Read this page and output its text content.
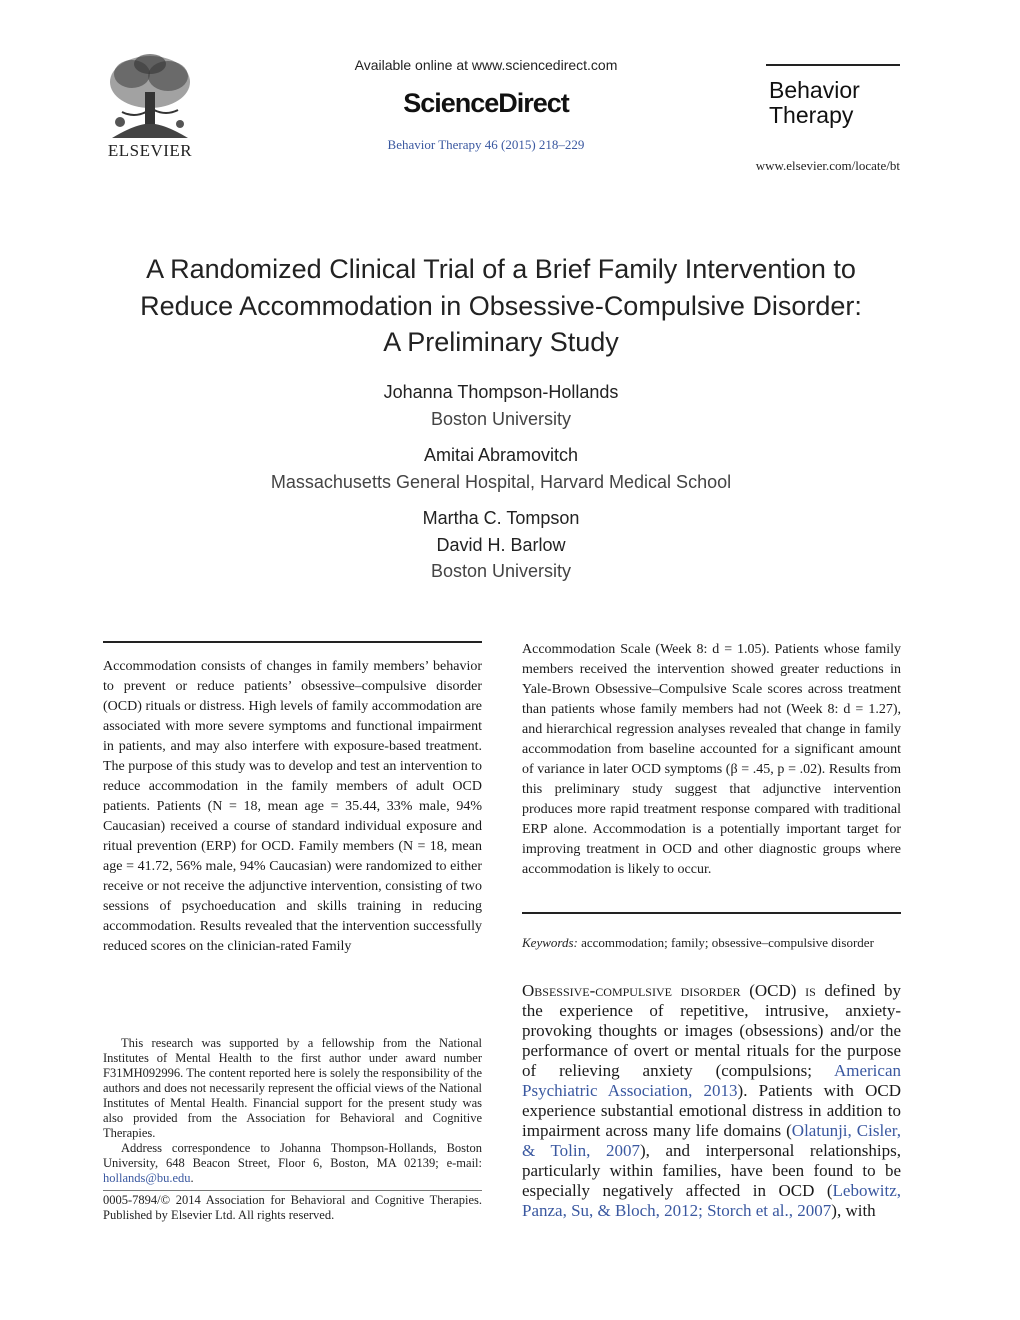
ELSEVIER
Available online at www.sciencedirect.com
ScienceDirect
Behavior Therapy 46 (2015) 218–229
Behavior
Therapy
www.elsevier.com/locate/bt
A Randomized Clinical Trial of a Brief Family Intervention to
Reduce Accommodation in Obsessive-Compulsive Disorder:
A Preliminary Study
Johanna Thompson-Hollands
Boston University
Amitai Abramovitch
Massachusetts General Hospital, Harvard Medical School
Martha C. Tompson
David H. Barlow
Boston University
Accommodation consists of changes in family members’ behavior to prevent or reduce patients’ obsessive–compulsive disorder (OCD) rituals or distress. High levels of family accommodation are associated with more severe symptoms and functional impairment in patients, and may also interfere with exposure-based treatment. The purpose of this study was to develop and test an intervention to reduce accommodation in the family members of adult OCD patients. Patients (N = 18, mean age = 35.44, 33% male, 94% Caucasian) received a course of standard individual exposure and ritual prevention (ERP) for OCD. Family members (N = 18, mean age = 41.72, 56% male, 94% Caucasian) were randomized to either receive or not receive the adjunctive intervention, consisting of two sessions of psychoeducation and skills training in reducing accommodation. Results revealed that the intervention successfully reduced scores on the clinician-rated Family
Accommodation Scale (Week 8: d = 1.05). Patients whose family members received the intervention showed greater reductions in Yale-Brown Obsessive–Compulsive Scale scores across treatment than patients whose family members had not (Week 8: d = 1.27), and hierarchical regression analyses revealed that change in family accommodation from baseline accounted for a significant amount of variance in later OCD symptoms (β = .45, p = .02). Results from this preliminary study suggest that adjunctive intervention produces more rapid treatment response compared with traditional ERP alone. Accommodation is a potentially important target for improving treatment in OCD and other diagnostic groups where accommodation is likely to occur.
Keywords: accommodation; family; obsessive–compulsive disorder
Obsessive-compulsive disorder (OCD) is defined by the experience of repetitive, intrusive, anxiety-provoking thoughts or images (obsessions) and/or the performance of overt or mental rituals for the purpose of relieving anxiety (compulsions; American Psychiatric Association, 2013). Patients with OCD experience substantial emotional distress in addition to impairment across many life domains (Olatunji, Cisler, & Tolin, 2007), and interpersonal relationships, particularly within families, have been found to be especially negatively affected in OCD (Lebowitz, Panza, Su, & Bloch, 2012; Storch et al., 2007), with

This research was supported by a fellowship from the National Institutes of Mental Health to the first author under award number F31MH092996. The content reported here is solely the responsibility of the authors and does not necessarily represent the official views of the National Institutes of Mental Health. Financial support for the present study was also provided from the Association for Behavioral and Cognitive Therapies.

Address correspondence to Johanna Thompson-Hollands, Boston University, 648 Beacon Street, Floor 6, Boston, MA 02139; e-mail: hollands@bu.edu.

0005-7894/© 2014 Association for Behavioral and Cognitive Therapies. Published by Elsevier Ltd. All rights reserved.
